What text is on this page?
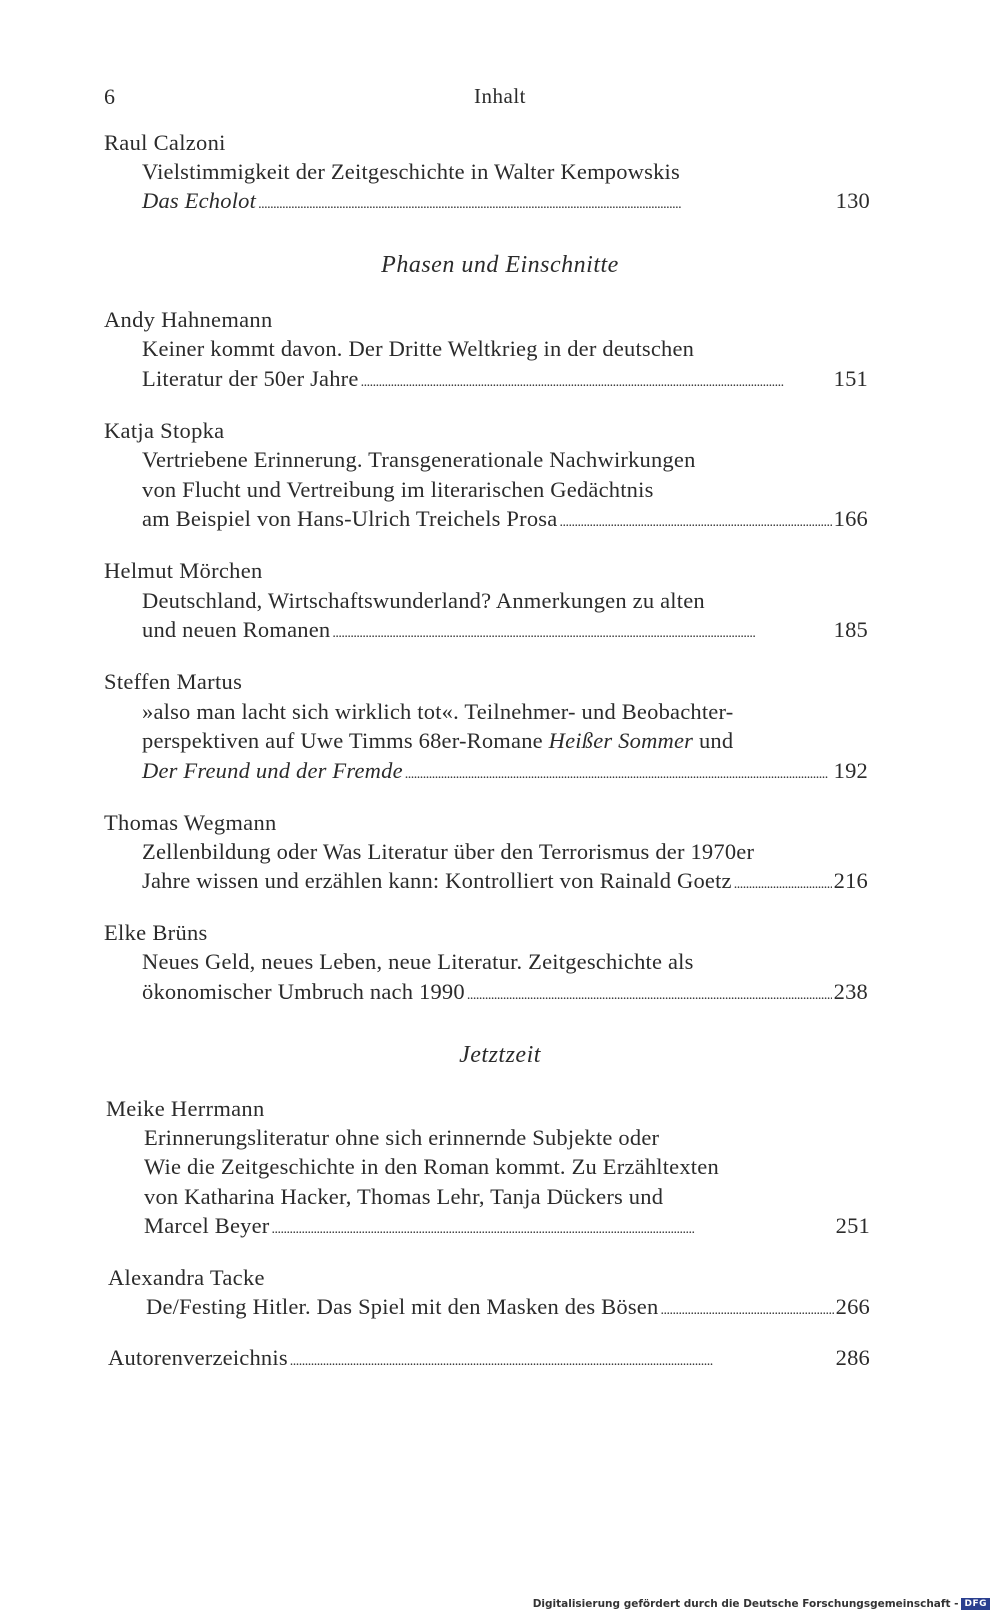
6	Inhalt
Raul Calzoni
Vielstimmigkeit der Zeitgeschichte in Walter Kempowskis
Das Echolot . . .	130
Phasen und Einschnitte
Andy Hahnemann
Keiner kommt davon. Der Dritte Weltkrieg in der deutschen
Literatur der 50er Jahre . . .	151
Katja Stopka
Vertriebene Erinnerung. Transgenerationale Nachwirkungen
von Flucht und Vertreibung im literarischen Gedächtnis
am Beispiel von Hans-Ulrich Treichels Prosa . . .	166
Helmut Mörchen
Deutschland, Wirtschaftswunderland? Anmerkungen zu alten
und neuen Romanen . . .	185
Steffen Martus
»also man lacht sich wirklich tot«. Teilnehmer- und Beobachter-
perspektiven auf Uwe Timms 68er-Romane Heißer Sommer und
Der Freund und der Fremde . . .	192
Thomas Wegmann
Zellenbildung oder Was Literatur über den Terrorismus der 1970er
Jahre wissen und erzählen kann: Kontrolliert von Rainald Goetz . . .	216
Elke Brüns
Neues Geld, neues Leben, neue Literatur. Zeitgeschichte als
ökonomischer Umbruch nach 1990 . . .	238
Jetztzeit
Meike Herrmann
Erinnerungsliteratur ohne sich erinnernde Subjekte oder
Wie die Zeitgeschichte in den Roman kommt. Zu Erzähltexten
von Katharina Hacker, Thomas Lehr, Tanja Dückers und
Marcel Beyer . . .	251
Alexandra Tacke
De/Festing Hitler. Das Spiel mit den Masken des Bösen . . .	266
Autorenverzeichnis . . .	286
Digitalisierung gefördert durch die Deutsche Forschungsgemeinschaft - DFG
